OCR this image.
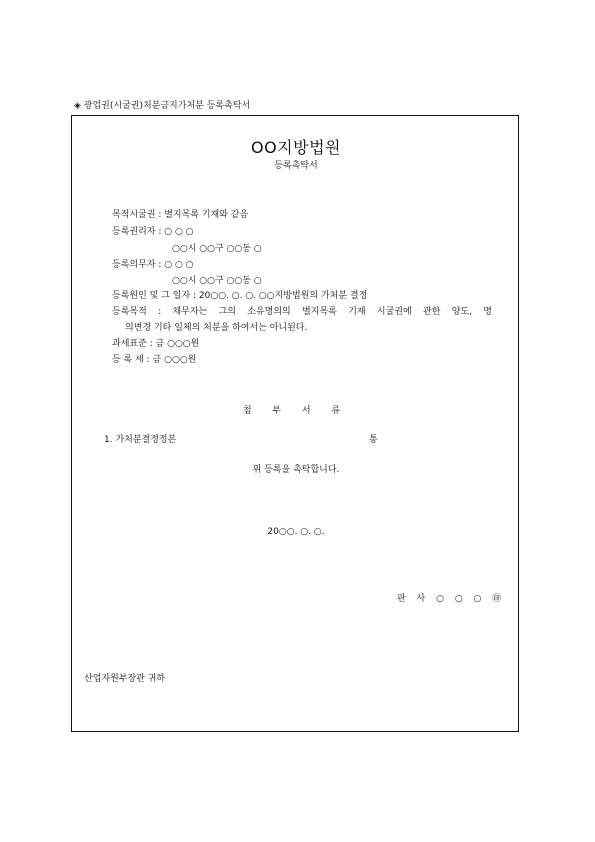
◈ 광업권(시굴권)처분금지가처분 등록촉탁서
OO지방법원
등록촉탁서
목적시굴권 : 별지목록 기재와 같음
등록권리자 : ○ ○ ○
○○시 ○○구 ○○동 ○
등록의무자 : ○ ○ ○
○○시 ○○구 ○○동 ○
등록원인 및 그 일자 : 20○○. ○. ○. ○○지방법원의 가처분 결정
등록목적 : 채무자는 그의 소유명의의 별지목록 기재 시굴권에 관한 양도, 명
의변경 기타 일체의 처분을 하여서는 아니된다.
과세표준 : 금 ○○○원
등 록 세 : 금 ○○○원
첨 부 서 류
1. 가처분결정정본	통
위 등록을 촉탁합니다.
20○○. ○. ○.
판 사 ○ ○ ○ ㊞
산업자원부장관 귀하
